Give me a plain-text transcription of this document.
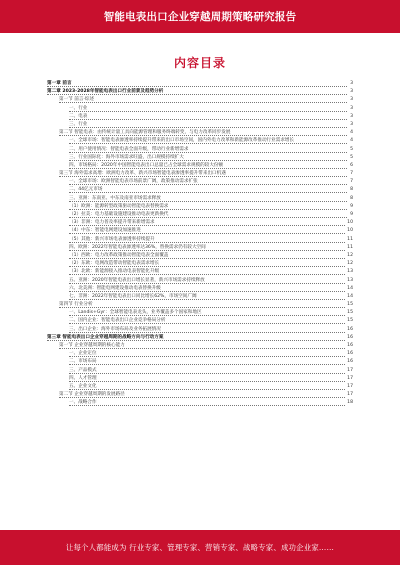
智能电表出口企业穿越周期策略研究报告
内容目录
第一章 前言	3
第二章 2023-2028年智能电表出口行业前景及趋势分析	3
第一节 前言·综述	3
一、行业	3
二、电表	3
三、行业	3
第二节 智能电表：由传统计量工具向能源管理和服务终端转变，与电力改革同步发展	4
一、全球市场：智能电表渗透率持续提升带来的出口市场空间，国内外电力改革和新能源改革推动行业需求增长	4
二、用户使用情况：智能电表全面升级，带动行业新增需求	5
三、行业国际化：海外市场需求旺盛，出口规模持续扩大	5
四、市场格局：2020年中国智能电表出口总量已占全球需求规模的较大份额	6
第三节 海外需求高增：欧洲电力改革、新兴市场智能电表渗透率提升带来出口机遇	7
一、全球市场：欧洲智能电表市场前景广阔，政策推动需求扩张	7
二、44亿元市场	8
三、亚洲：东南亚、中东及南亚市场需求释放	8
（1）欧洲：能源转型政策驱动智能电表替换需求	9
（2）拉美：电力基础设施建设推动电表更新换代	9
（3）非洲：电力普及率提升带来新增需求	10
（4）中东：智能电网建设加速推进	10
（5）其他：新兴市场电表渗透率持续提升	11
四、欧洲：2022年智能电表渗透率达36%，替换需求仍有较大空间	11
（1）西欧：电力改革政策推动智能电表全面覆盖	12
（2）东欧：电网改造带动智能电表需求增长	12
（3）北欧：新能源接入推动电表智能化升级	13
五、亚洲：2020年智能电表出口增长显著，新兴市场需求持续释放	13
六、北美洲：智能电网建设推动电表替换升级	14
七、非洲：2022年智能电表出口同比增长62%，市场空间广阔	14
第四节 行业分析	15
一、Landis+Gyr：全球智能电表龙头，业务覆盖多个国家和地区	15
二、国内企业：智能电表出口企业竞争格局分析	15
三、出口企业：海外市场布局及业务拓展情况	16
第三章 智能电表出口企业穿越周期的战略方向与行动方案	16
第一节 企业穿越周期的核心能力	16
一、企业定位	16
二、市场布局	16
三、产品模式	17
四、人才管理	17
五、企业文化	17
第二节 企业穿越周期的发展路径	17
一、战略合作	18
让每个人都能成为 行业专家、管理专家、营销专家、战略专家、成功企业家……
